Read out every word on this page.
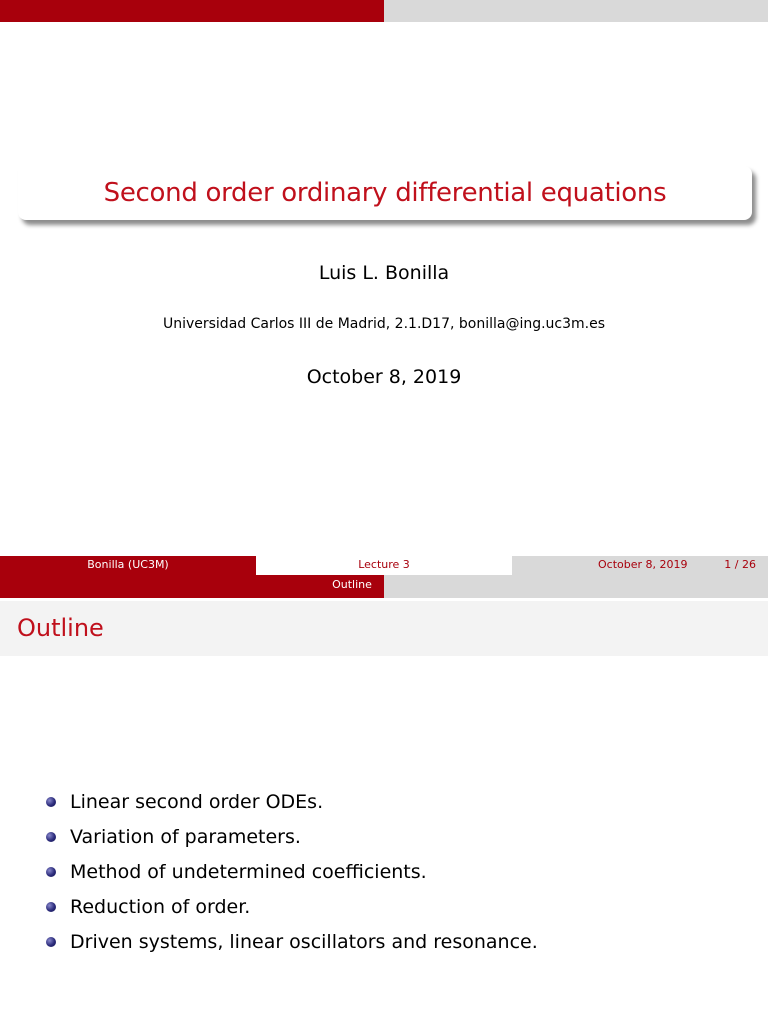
Second order ordinary differential equations
Luis L. Bonilla
Universidad Carlos III de Madrid, 2.1.D17, bonilla@ing.uc3m.es
October 8, 2019
Bonilla (UC3M)	Lecture 3	October 8, 2019	1 / 26
Outline
Outline
Linear second order ODEs.
Variation of parameters.
Method of undetermined coefficients.
Reduction of order.
Driven systems, linear oscillators and resonance.
